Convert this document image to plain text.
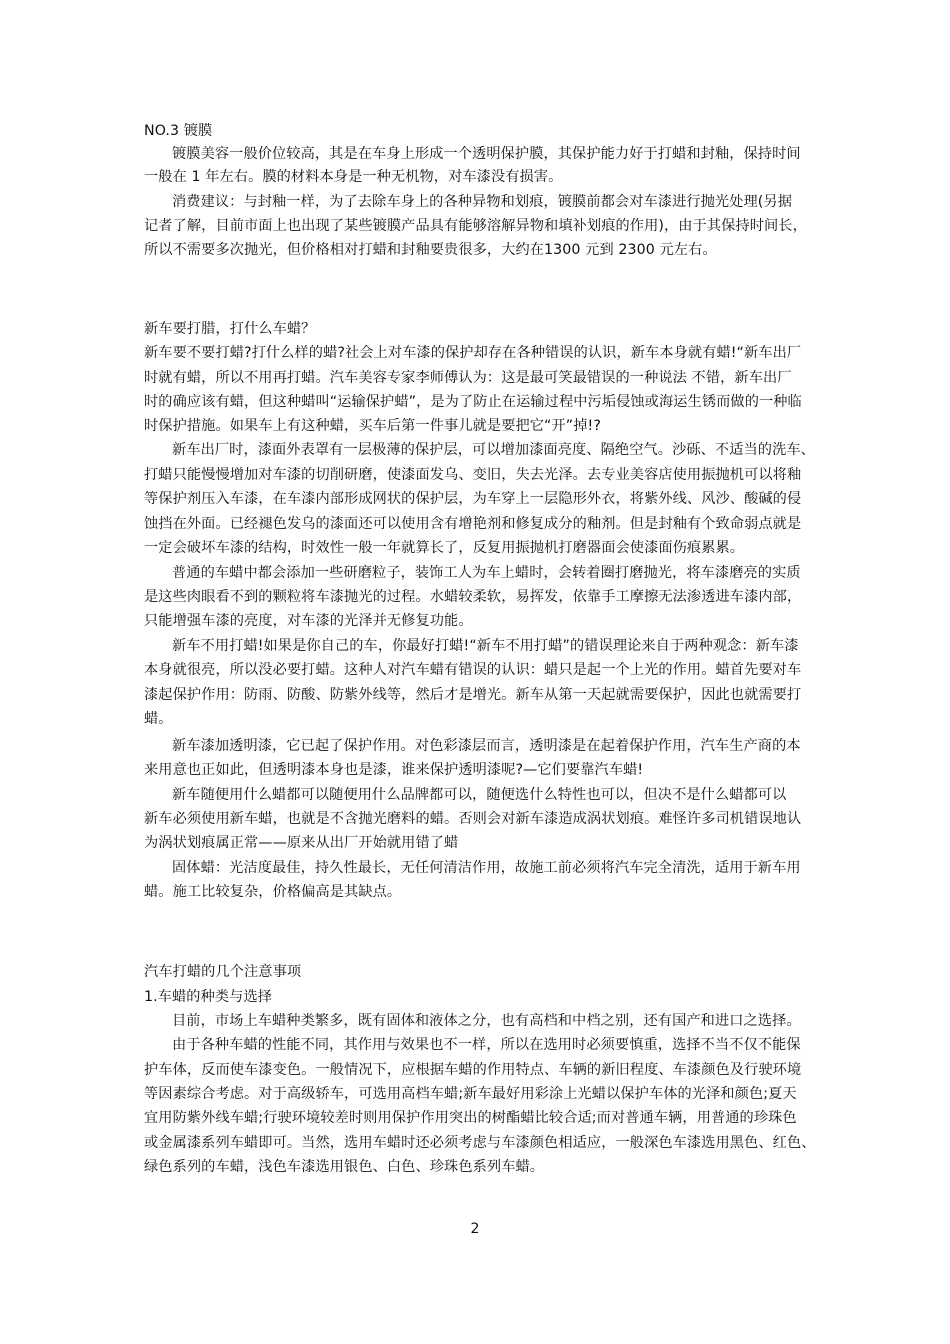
NO.3 镀膜
镀膜美容一般价位较高，其是在车身上形成一个透明保护膜，其保护能力好于打蜡和封釉，保持时间
一般在 1 年左右。膜的材料本身是一种无机物，对车漆没有损害。
消费建议：与封釉一样，为了去除车身上的各种异物和划痕，镀膜前都会对车漆进行抛光处理(另据
记者了解，目前市面上也出现了某些镀膜产品具有能够溶解异物和填补划痕的作用)，由于其保持时间长，
所以不需要多次抛光，但价格相对打蜡和封釉要贵很多，大约在1300 元到 2300 元左右。
新车要打腊，打什么车蜡？
新车要不要打蜡?打什么样的蜡?社会上对车漆的保护却存在各种错误的认识，新车本身就有蜡!“新车出厂
时就有蜡，所以不用再打蜡。汽车美容专家李师傅认为：这是最可笑最错误的一种说法 不错，新车出厂
时的确应该有蜡，但这种蜡叫“运输保护蜡”，是为了防止在运输过程中污垢侵蚀或海运生锈而做的一种临
时保护措施。如果车上有这种蜡，买车后第一件事儿就是要把它“开”掉!?
新车出厂时，漆面外表罩有一层极薄的保护层，可以增加漆面亮度、隔绝空气。沙砾、不适当的洗车、
打蜡只能慢慢增加对车漆的切削研磨，使漆面发乌、变旧，失去光泽。去专业美容店使用振抛机可以将釉
等保护剂压入车漆，在车漆内部形成网状的保护层，为车穿上一层隐形外衣，将紫外线、风沙、酸碱的侵
蚀挡在外面。已经褪色发乌的漆面还可以使用含有增艳剂和修复成分的釉剂。但是封釉有个致命弱点就是
一定会破坏车漆的结构，时效性一般一年就算长了，反复用振抛机打磨器面会使漆面伤痕累累。
普通的车蜡中都会添加一些研磨粒子，装饰工人为车上蜡时，会转着圈打磨抛光，将车漆磨亮的实质
是这些肉眼看不到的颗粒将车漆抛光的过程。水蜡较柔软，易挥发，依靠手工摩擦无法渗透进车漆内部，
只能增强车漆的亮度，对车漆的光泽并无修复功能。
新车不用打蜡!如果是你自己的车，你最好打蜡!“新车不用打蜡”的错误理论来自于两种观念：新车漆
本身就很亮，所以没必要打蜡。这种人对汽车蜡有错误的认识：蜡只是起一个上光的作用。蜡首先要对车
漆起保护作用：防雨、防酸、防紫外线等，然后才是增光。新车从第一天起就需要保护，因此也就需要打
蜡。
新车漆加透明漆，它已起了保护作用。对色彩漆层而言，透明漆是在起着保护作用，汽车生产商的本
来用意也正如此，但透明漆本身也是漆，谁来保护透明漆呢?—它们要靠汽车蜡!
新车随便用什么蜡都可以随便用什么品牌都可以，随便选什么特性也可以，但决不是什么蜡都可以
新车必须使用新车蜡，也就是不含抛光磨料的蜡。否则会对新车漆造成涡状划痕。难怪许多司机错误地认
为涡状划痕属正常——原来从出厂开始就用错了蜡
固体蜡：光洁度最佳，持久性最长，无任何清洁作用，故施工前必须将汽车完全清洗，适用于新车用
蜡。施工比较复杂，价格偏高是其缺点。
汽车打蜡的几个注意事项
1.车蜡的种类与选择
目前，市场上车蜡种类繁多，既有固体和液体之分，也有高档和中档之别，还有国产和进口之选择。
由于各种车蜡的性能不同，其作用与效果也不一样，所以在选用时必须要慎重，选择不当不仅不能保
护车体，反而使车漆变色。一般情况下，应根据车蜡的作用特点、车辆的新旧程度、车漆颜色及行驶环境
等因素综合考虑。对于高级轿车，可选用高档车蜡;新车最好用彩涂上光蜡以保护车体的光泽和颜色;夏天
宜用防紫外线车蜡;行驶环境较差时则用保护作用突出的树酯蜡比较合适;而对普通车辆，用普通的珍珠色
或金属漆系列车蜡即可。当然，选用车蜡时还必须考虑与车漆颜色相适应，一般深色车漆选用黑色、红色、
绿色系列的车蜡，浅色车漆选用银色、白色、珍珠色系列车蜡。
2
